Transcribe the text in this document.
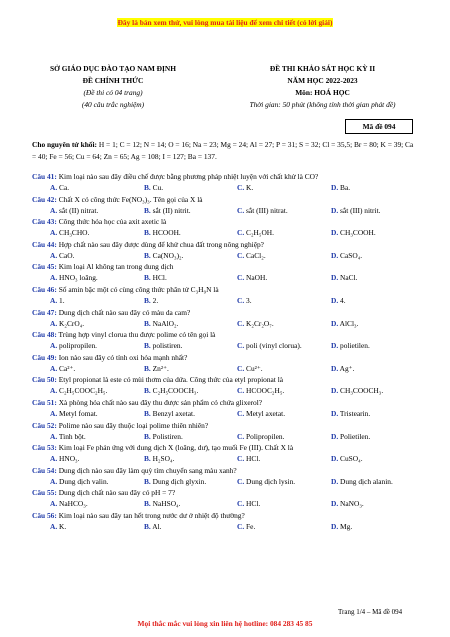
Đây là bản xem thử, vui lòng mua tài liệu để xem chi tiết (có lời giải)
SỞ GIÁO DỤC ĐÀO TẠO NAM ĐỊNH
ĐỀ CHÍNH THỨC
(Đề thi có 04 trang)
(40 câu trắc nghiệm)
ĐỀ THI KHẢO SÁT HỌC KỲ II
NĂM HỌC 2022-2023
Môn: HOÁ HỌC
Thời gian: 50 phút (không tính thời gian phát đề)
Mã đề 094
Cho nguyên tử khối: H = 1; C = 12; N = 14; O = 16; Na = 23; Mg = 24; Al = 27; P = 31; S = 32; Cl = 35,5; Br = 80; K = 39; Ca = 40; Fe = 56; Cu = 64; Zn = 65; Ag = 108; I = 127; Ba = 137.
Câu 41: Kim loại nào sau đây điều chế được bằng phương pháp nhiệt luyện với chất khử là CO?
A. Ca.	B. Cu.	C. K.	D. Ba.
Câu 42: Chất X có công thức Fe(NO₃)₃. Tên gọi của X là
A. sắt (II) nitrat.	B. sắt (II) nitrit.	C. sắt (III) nitrat.	D. sắt (III) nitrit.
Câu 43: Công thức hóa học của axit axetic là
A. CH₃CHO.	B. HCOOH.	C. C₂H₅OH.	D. CH₃COOH.
Câu 44: Hợp chất nào sau đây được dùng để khử chua đất trong nông nghiệp?
A. CaO.	B. Ca(NO₃)₂.	C. CaCl₂.	D. CaSO₄.
Câu 45: Kim loại Al không tan trong dung dịch
A. HNO₃ loãng.	B. HCl.	C. NaOH.	D. NaCl.
Câu 46: Số amin bậc một có cùng công thức phân tử C₃H₉N là
A. 1.	B. 2.	C. 3.	D. 4.
Câu 47: Dung dịch chất nào sau đây có màu da cam?
A. K₂CrO₄.	B. NaAlO₂.	C. K₂Cr₂O₇.	D. AlCl₃.
Câu 48: Trùng hợp vinyl clorua thu được polime có tên gọi là
A. polipropilen.	B. polistiren.	C. poli (vinyl clorua).	D. polietilen.
Câu 49: Ion nào sau đây có tính oxi hóa mạnh nhất?
A. Ca²⁺.	B. Zn²⁺.	C. Cu²⁺.	D. Ag⁺.
Câu 50: Etyl propionat là este có mùi thơm của dứa. Công thức của etyl propionat là
A. C₂H₅COOC₂H₅.	B. C₂H₅COOCH₃.	C. HCOOC₂H₅.	D. CH₃COOCH₃.
Câu 51: Xà phòng hóa chất nào sau đây thu được sản phẩm có chứa glixerol?
A. Metyl fomat.	B. Benzyl axetat.	C. Metyl axetat.	D. Tristearin.
Câu 52: Polime nào sau đây thuộc loại polime thiên nhiên?
A. Tinh bột.	B. Polistiren.	C. Polipropilen.	D. Polietilen.
Câu 53: Kim loại Fe phản ứng với dung dịch X (loãng, dư), tạo muối Fe (III). Chất X là
A. HNO₃.	B. H₂SO₄.	C. HCl.	D. CuSO₄.
Câu 54: Dung dịch nào sau đây làm quỳ tím chuyển sang màu xanh?
A. Dung dịch valin.	B. Dung dịch glyxin.	C. Dung dịch lysin.	D. Dung dịch alanin.
Câu 55: Dung dịch chất nào sau đây có pH = 7?
A. NaHCO₃.	B. NaHSO₄.	C. HCl.	D. NaNO₃.
Câu 56: Kim loại nào sau đây tan hết trong nước dư ở nhiệt độ thường?
A. K.	B. Al.	C. Fe.	D. Mg.
Trang 1/4 – Mã đề 094
Mọi thắc mắc vui lòng xin liên hệ hotline: 084 283 45 85
